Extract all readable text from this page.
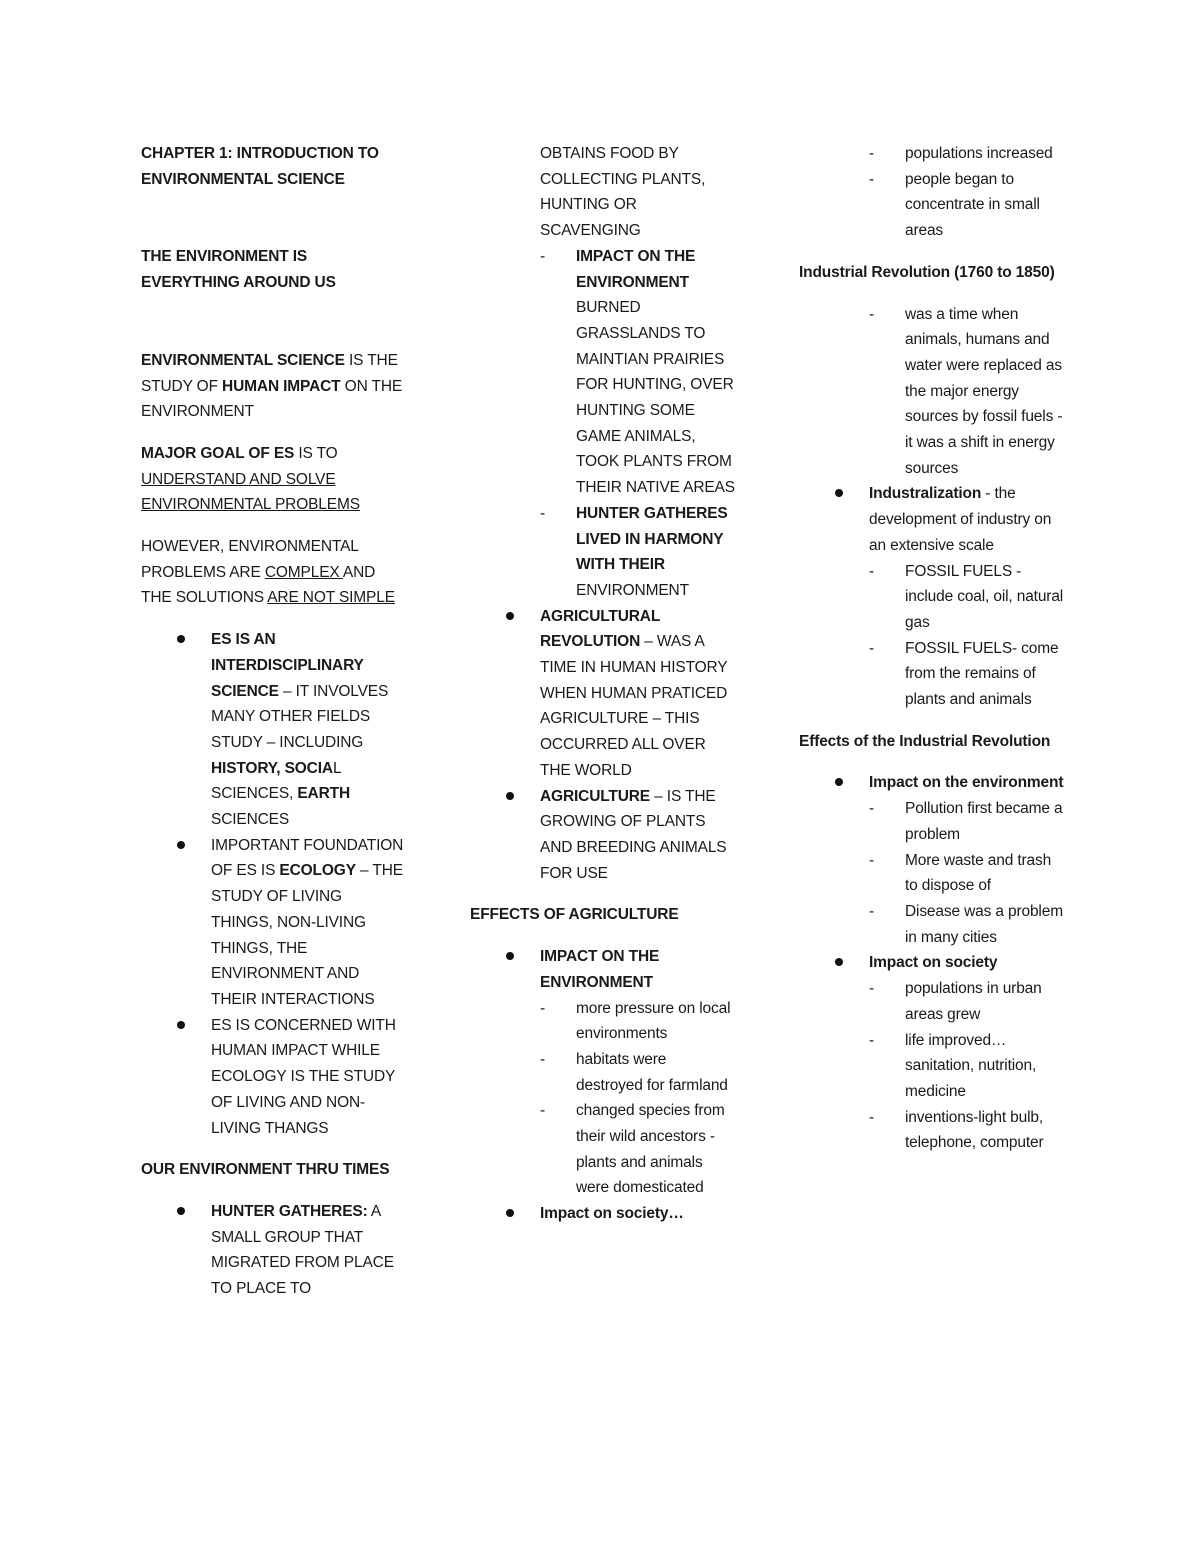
CHAPTER 1: INTRODUCTION TO ENVIRONMENTAL SCIENCE
THE ENVIRONMENT IS EVERYTHING AROUND US
ENVIRONMENTAL SCIENCE IS THE STUDY OF HUMAN IMPACT ON THE ENVIRONMENT
MAJOR GOAL OF ES IS TO UNDERSTAND AND SOLVE ENVIRONMENTAL PROBLEMS
HOWEVER, ENVIRONMENTAL PROBLEMS ARE COMPLEX AND THE SOLUTIONS ARE NOT SIMPLE
ES IS AN INTERDISCIPLINARY SCIENCE – IT INVOLVES MANY OTHER FIELDS STUDY – INCLUDING HISTORY, SOCIAL SCIENCES, EARTH SCIENCES
IMPORTANT FOUNDATION OF ES IS ECOLOGY – THE STUDY OF LIVING THINGS, NON-LIVING THINGS, THE ENVIRONMENT AND THEIR INTERACTIONS
ES IS CONCERNED WITH HUMAN IMPACT WHILE ECOLOGY IS THE STUDY OF LIVING AND NON-LIVING THANGS
OUR ENVIRONMENT THRU TIMES
HUNTER GATHERES: A SMALL GROUP THAT MIGRATED FROM PLACE TO PLACE TO
OBTAINS FOOD BY COLLECTING PLANTS, HUNTING OR SCAVENGING
- IMPACT ON THE ENVIRONMENT BURNED GRASSLANDS TO MAINTIAN PRAIRIES FOR HUNTING, OVER HUNTING SOME GAME ANIMALS, TOOK PLANTS FROM THEIR NATIVE AREAS
- HUNTER GATHERES LIVED IN HARMONY WITH THEIR ENVIRONMENT
AGRICULTURAL REVOLUTION – WAS A TIME IN HUMAN HISTORY WHEN HUMAN PRATICED AGRICULTURE – THIS OCCURRED ALL OVER THE WORLD
AGRICULTURE – IS THE GROWING OF PLANTS AND BREEDING ANIMALS FOR USE
EFFECTS OF AGRICULTURE
IMPACT ON THE ENVIRONMENT
- more pressure on local environments
- habitats were destroyed for farmland
- changed species from their wild ancestors - plants and animals were domesticated
Impact on society…
- populations increased
- people began to concentrate in small areas
Industrial Revolution (1760 to 1850)
- was a time when animals, humans and water were replaced as the major energy sources by fossil fuels - it was a shift in energy sources
Industralization - the development of industry on an extensive scale
- FOSSIL FUELS - include coal, oil, natural gas
- FOSSIL FUELS- come from the remains of plants and animals
Effects of the Industrial Revolution
Impact on the environment
- Pollution first became a problem
- More waste and trash to dispose of
- Disease was a problem in many cities
Impact on society
- populations in urban areas grew
- life improved… sanitation, nutrition, medicine
- inventions-light bulb, telephone, computer
